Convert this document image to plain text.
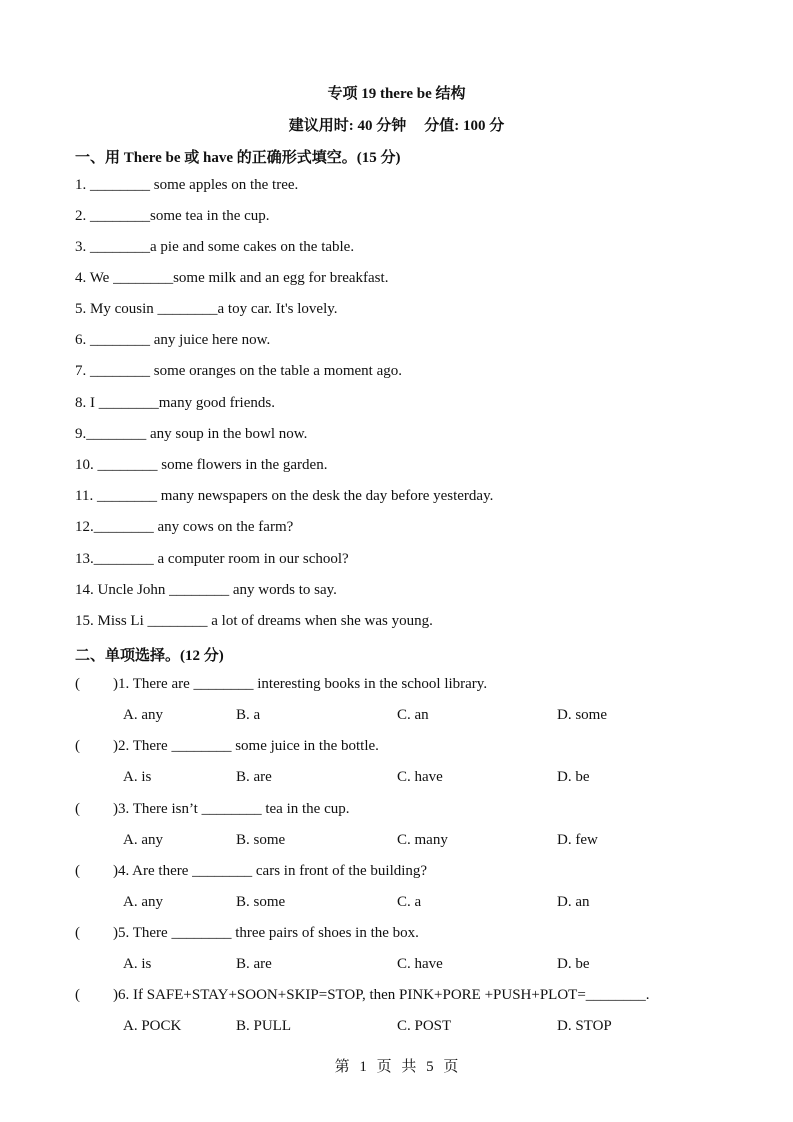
专项 19 there be 结构
建议用时: 40 分钟 分值: 100 分
一、用 There be 或 have 的正确形式填空。(15 分)
1. ________ some apples on the tree.
2. ________some tea in the cup.
3. ________a pie and some cakes on the table.
4. We ________some milk and an egg for breakfast.
5. My cousin ________a toy car. It's lovely.
6. ________ any juice here now.
7. ________ some oranges on the table a moment ago.
8. I ________many good friends.
9.________ any soup in the bowl now.
10. ________ some flowers in the garden.
11. ________ many newspapers on the desk the day before yesterday.
12.________ any cows on the farm?
13.________ a computer room in our school?
14. Uncle John ________ any words to say.
15. Miss Li ________ a lot of dreams when she was young.
二、单项选择。(12 分)
( )1. There are ________ interesting books in the school library.
A. any	B. a	C. an	D. some
( )2. There ________ some juice in the bottle.
A. is	B. are	C. have	D. be
( )3. There isn’t ________ tea in the cup.
A. any	B. some	C. many	D. few
( )4. Are there ________ cars in front of the building?
A. any	B. some	C. a	D. an
( )5. There ________ three pairs of shoes in the box.
A. is	B. are	C. have	D. be
( )6. If SAFE+STAY+SOON+SKIP=STOP, then PINK+PORE +PUSH+PLOT=________.
A. POCK	B. PULL	C. POST	D. STOP
第 1 页 共 5 页
